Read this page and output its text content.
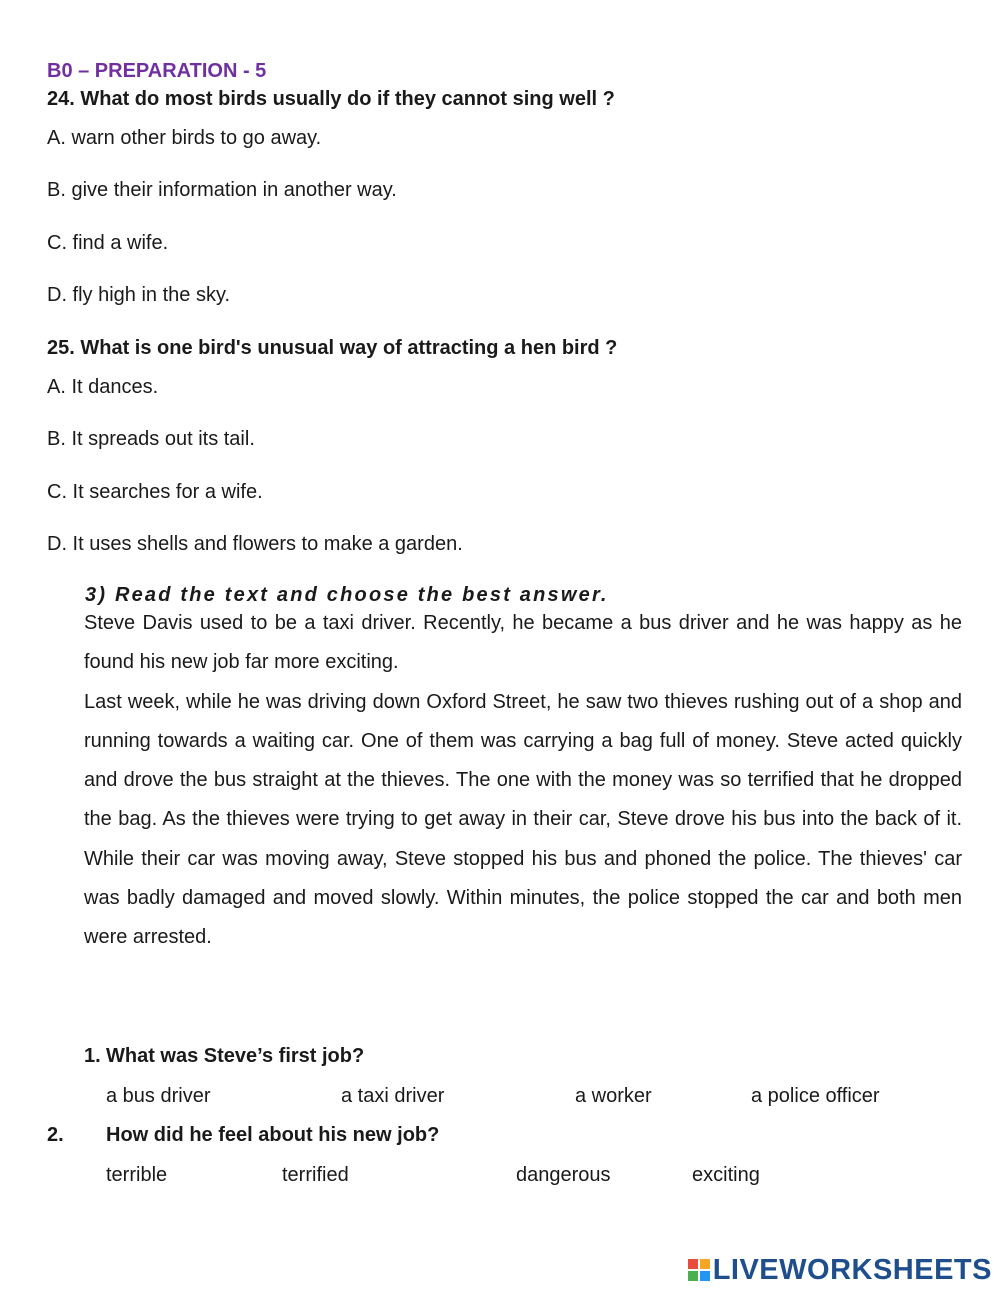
B0 – PREPARATION - 5
24. What do most birds usually do if they cannot sing well ?
A. warn other birds to go away.
B. give their information in another way.
C. find a wife.
D. fly high in the sky.
25. What is one bird's unusual way of attracting a hen bird ?
A. It dances.
B. It spreads out its tail.
C. It searches for a wife.
D. It uses shells and flowers to make a garden.
3) Read the text and choose the best answer.

Steve Davis used to be a taxi driver. Recently, he became a bus driver and he was happy as he found his new job far more exciting.

Last week, while he was driving down Oxford Street, he saw two thieves rushing out of a shop and running towards a waiting car. One of them was carrying a bag full of money. Steve acted quickly and drove the bus straight at the thieves. The one with the money was so terrified that he dropped the bag. As the thieves were trying to get away in their car, Steve drove his bus into the back of it. While their car was moving away, Steve stopped his bus and phoned the police. The thieves' car was badly damaged and moved slowly. Within minutes, the police stopped the car and both men were arrested.

1. What was Steve’s first job?
a bus driver	a taxi driver	a worker	a police officer
2. How did he feel about his new job?
terrible	terrified	dangerous	exciting
LIVEWORKSHEETS
